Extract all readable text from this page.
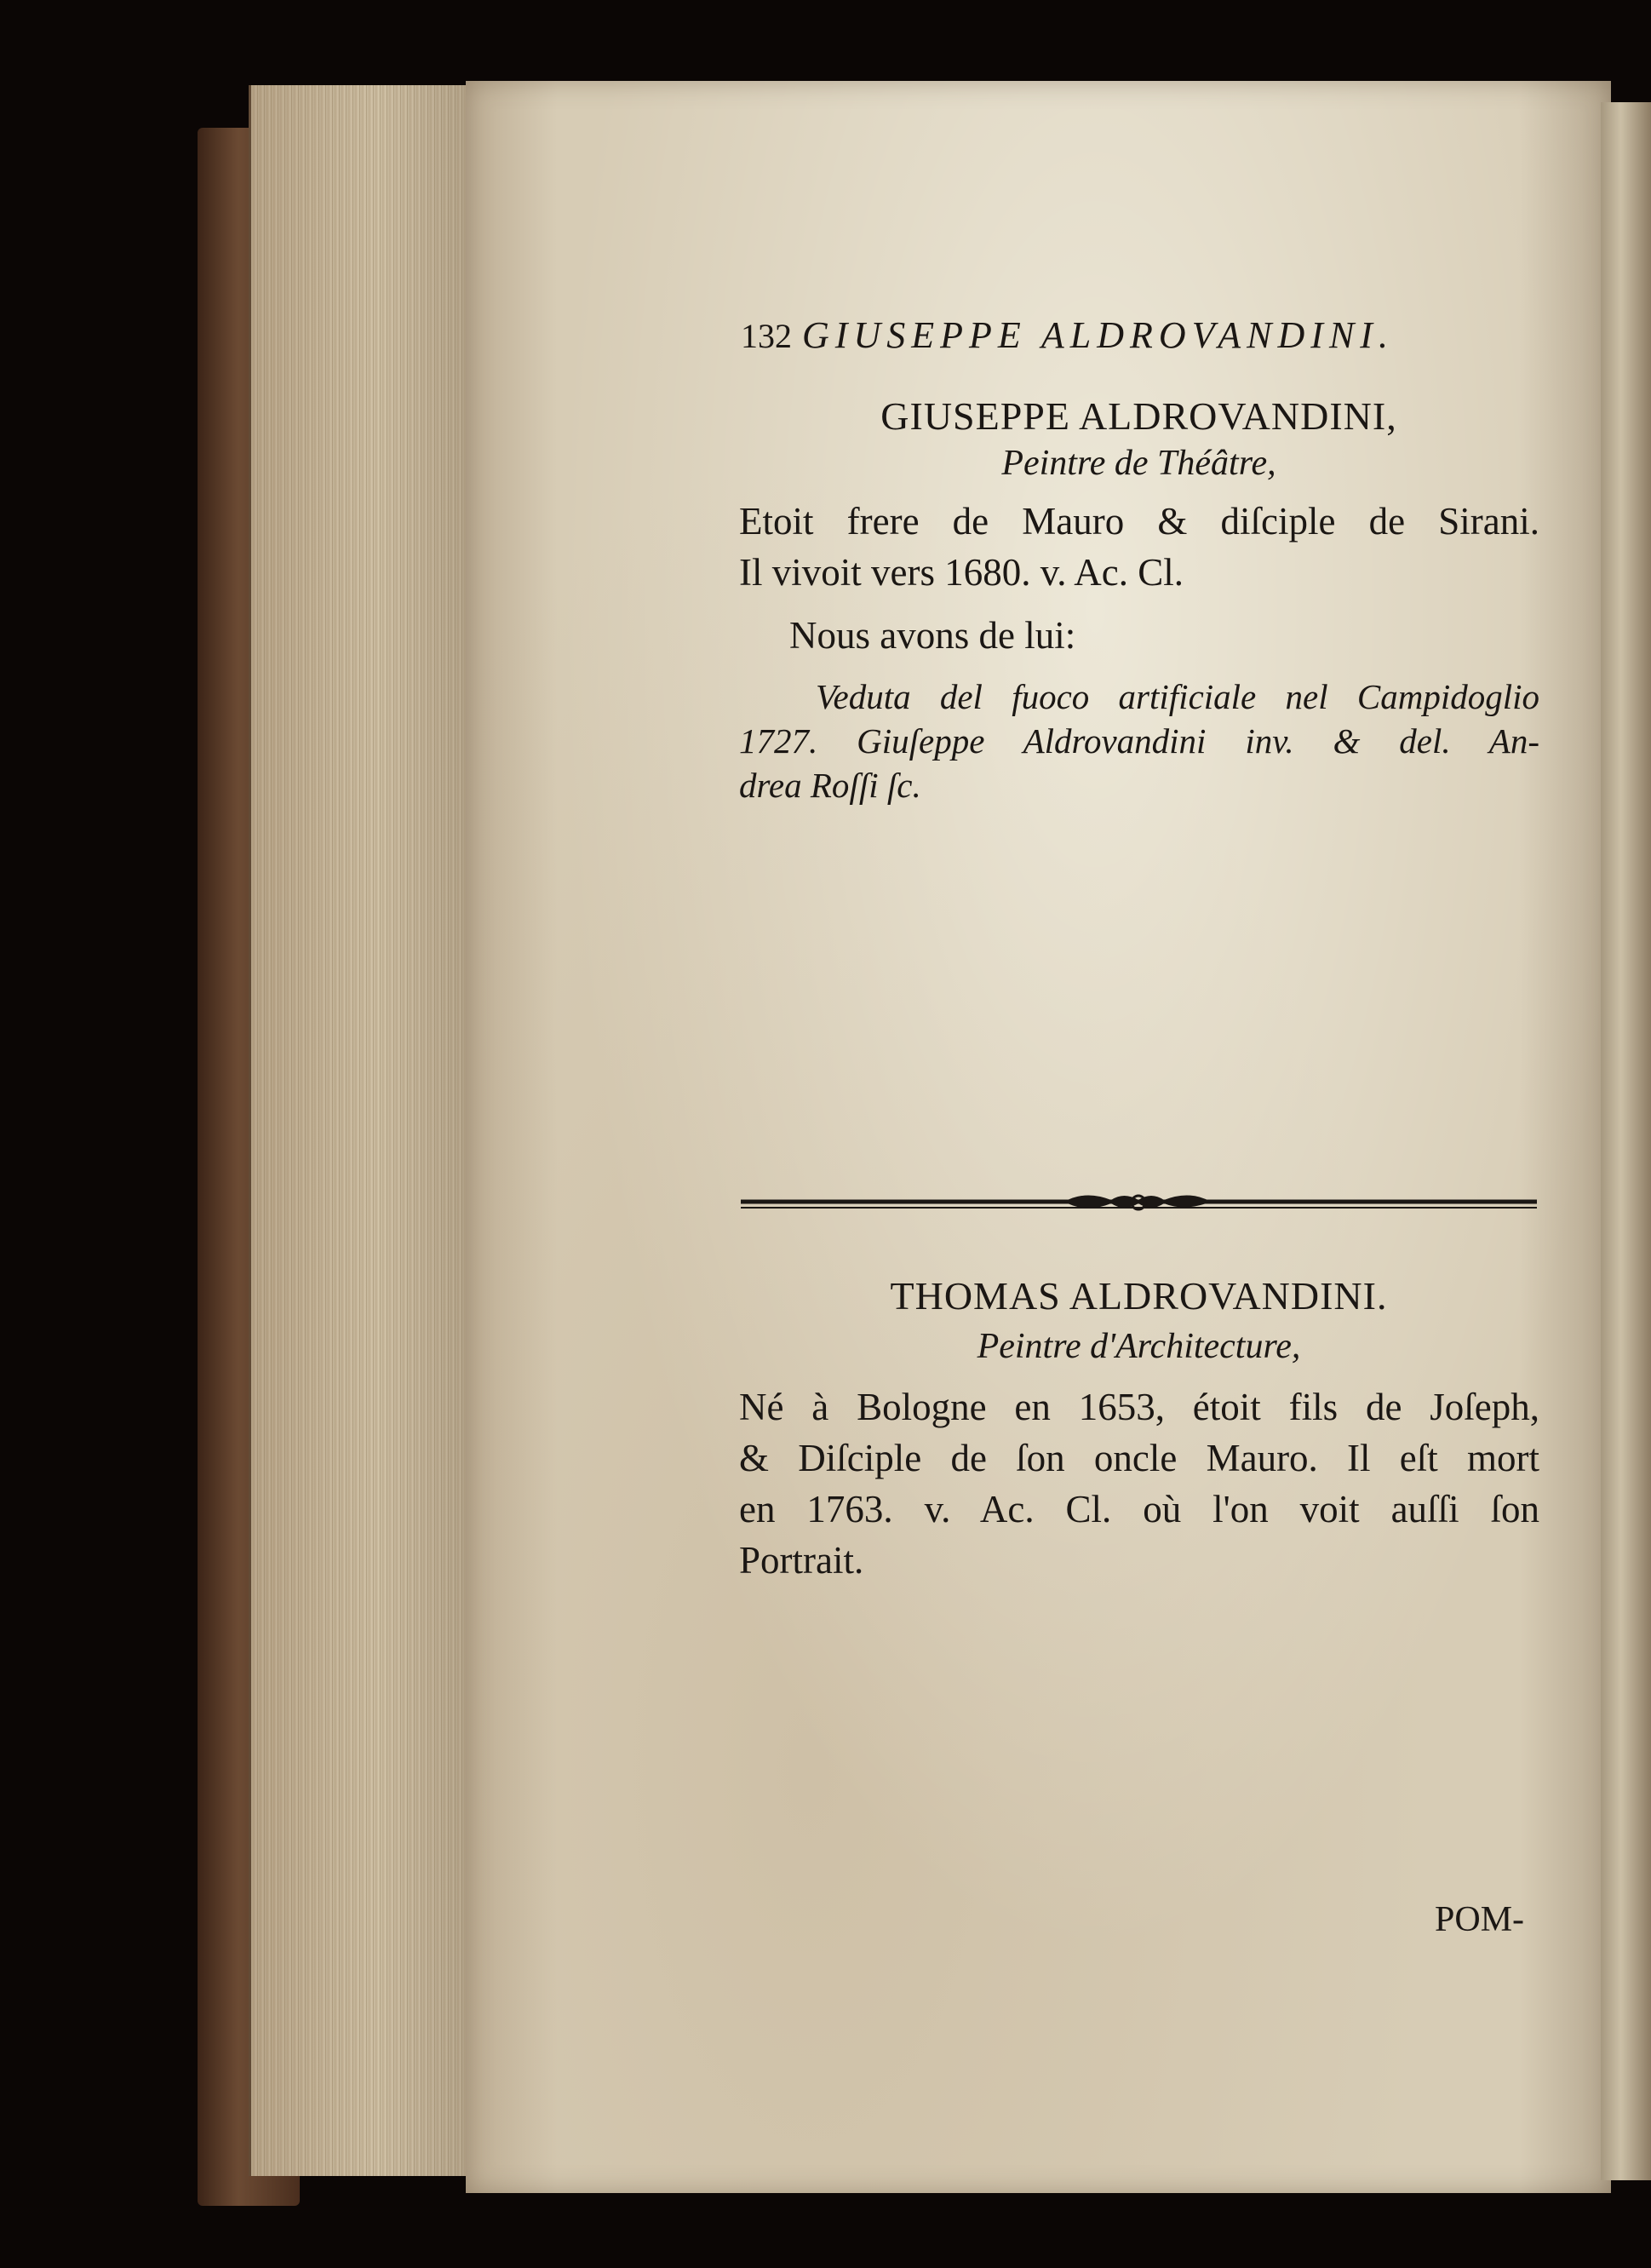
132 GIUSEPPE ALDROVANDINI.
GIUSEPPE ALDROVANDINI,
Peintre de Théâtre,
Etoit frere de Mauro & diſciple de Sirani.
Il vivoit vers 1680. v. Ac. Cl.
Nous avons de lui:
Veduta del fuoco artificiale nel Campidoglio
1727. Giuſeppe Aldrovandini inv. & del. An-
drea Roſſi ſc.
THOMAS ALDROVANDINI.
Peintre d'Architecture,
Né à Bologne en 1653, étoit fils de Joſeph,
& Diſciple de ſon oncle Mauro. Il eſt mort
en 1763. v. Ac. Cl. où l'on voit auſſi ſon
Portrait.
POM-
